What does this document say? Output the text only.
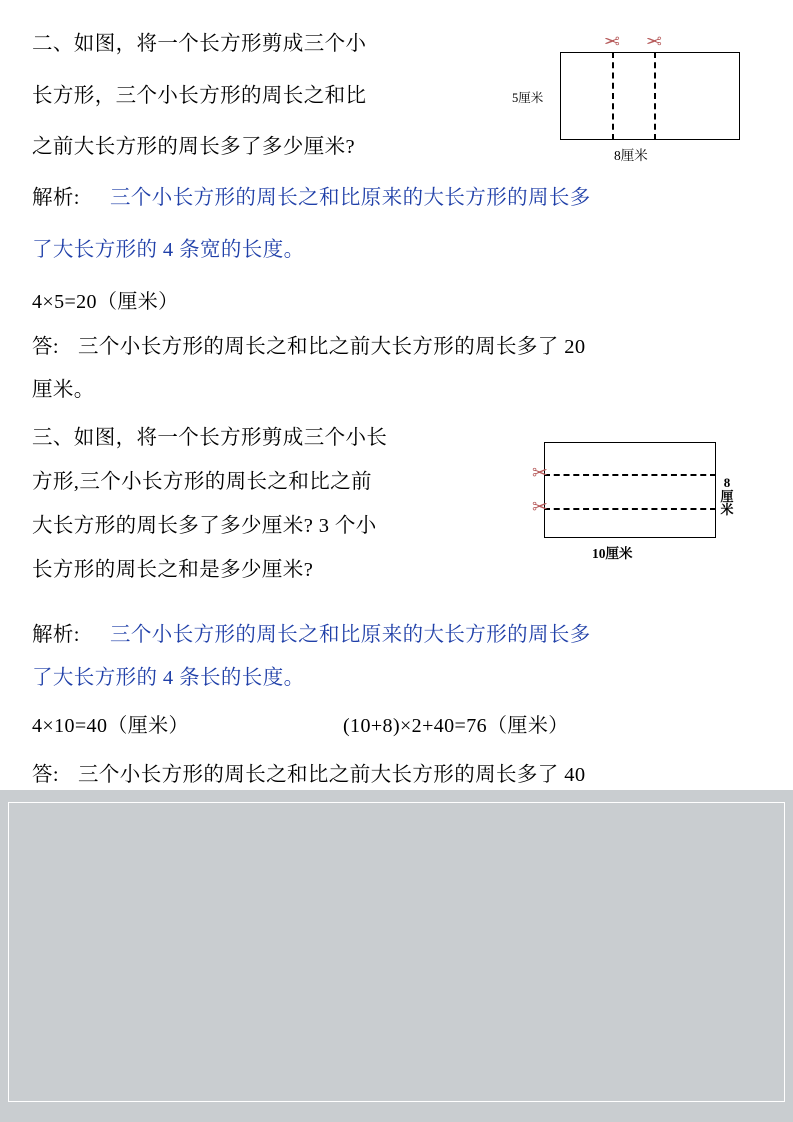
二、如图，将一个长方形剪成三个小
长方形，三个小长方形的周长之和比
之前大长方形的周长多了多少厘米?
✂ ✂
5厘米
8厘米
解析: 三个小长方形的周长之和比原来的大长方形的周长多
了大长方形的 4 条宽的长度。
4×5=20（厘米）
答: 三个小长方形的周长之和比之前大长方形的周长多了 20
厘米。
三、如图，将一个长方形剪成三个小长
方形,三个小长方形的周长之和比之前
大长方形的周长多了多少厘米? 3 个小
长方形的周长之和是多少厘米?
✂
✂
8厘米
10厘米
解析: 三个小长方形的周长之和比原来的大长方形的周长多
了大长方形的 4 条长的长度。
4×10=40（厘米）	(10+8)×2+40=76（厘米）
答: 三个小长方形的周长之和比之前大长方形的周长多了 40
